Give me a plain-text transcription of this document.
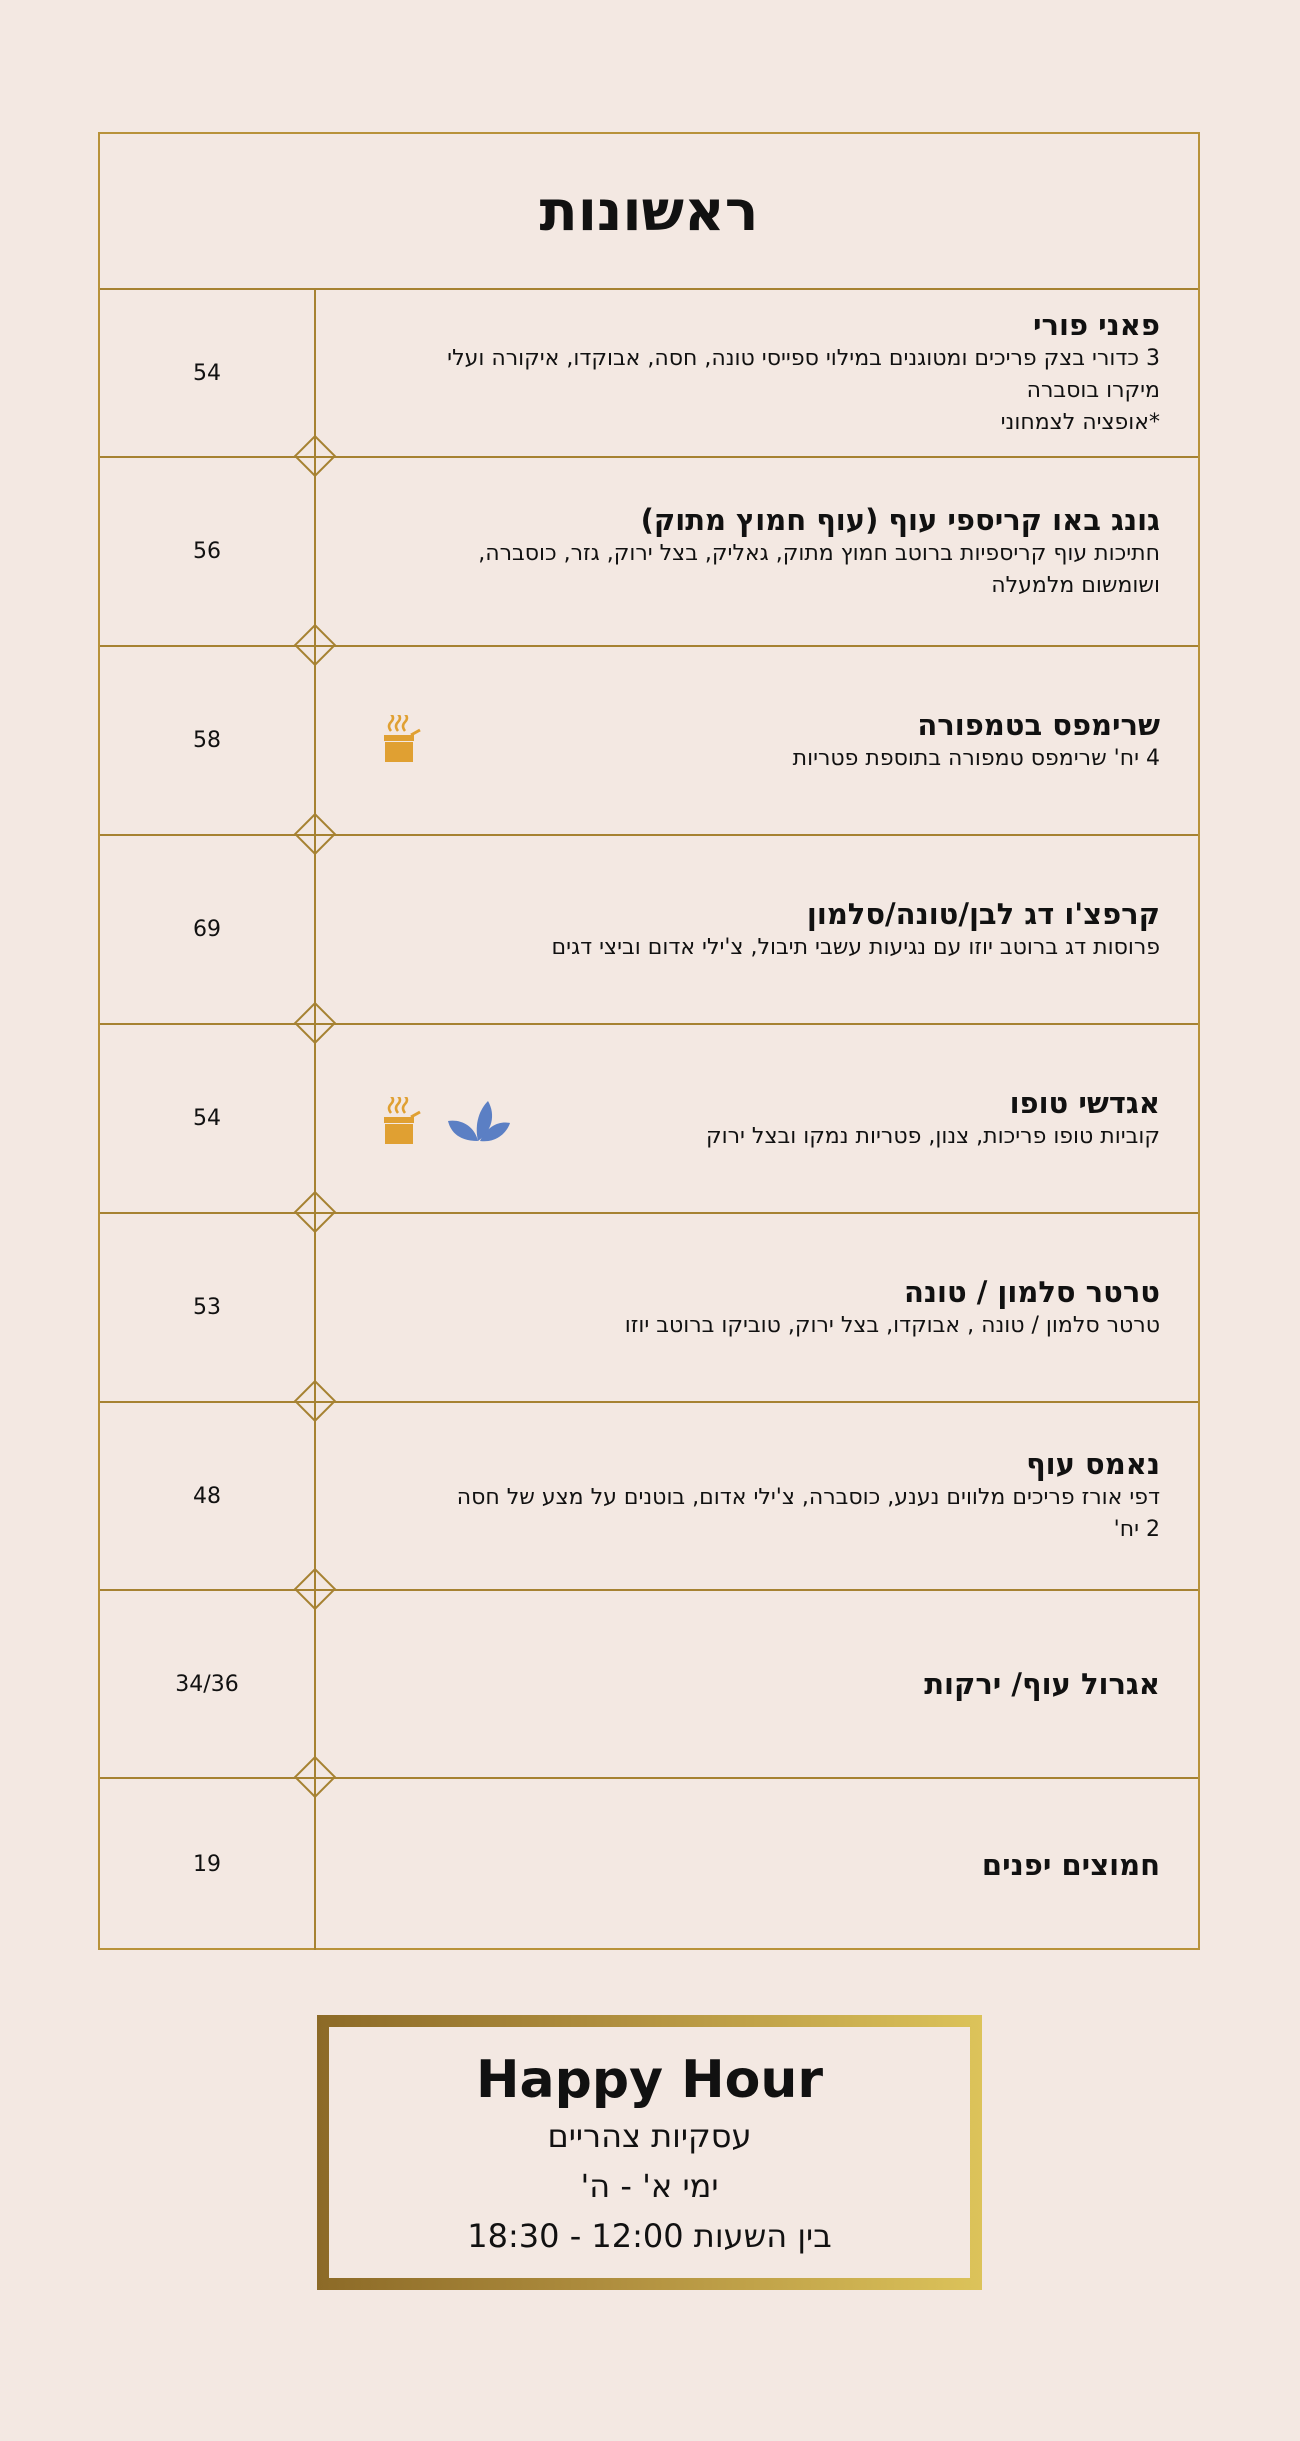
ראשונות
54
פאני פורי
3 כדורי בצק פריכים ומטוגנים במילוי ספייסי טונה, חסה, אבוקדו, איקורה ועלי
מיקרו בוסברה
*אופציה לצמחוני
56
גונג באו קריספי עוף (עוף חמוץ מתוק)
חתיכות עוף קריספיות ברוטב חמוץ מתוק, גאליק, בצל ירוק, גזר, כוסברה,
ושומשום מלמעלה
58	שרימפס בטמפורה
4 יח' שרימפס טמפורה בתוספת פטריות
69	קרפצ'ו דג לבן/טונה/סלמון
פרוסות דג ברוטב יוזו עם נגיעות עשבי תיבול, צ'ילי אדום וביצי דגים
54	אגדשי טופו
קוביות טופו פריכות, צנון, פטריות נמקו ובצל ירוק
53	טרטר סלמון / טונה
טרטר סלמון / טונה , אבוקדו, בצל ירוק, טוביקו ברוטב יוזו
48
נאמס עוף
דפי אורז פריכים מלווים נענע, כוסברה, צ'ילי אדום, בוטנים על מצע של חסה
2 יח'
34/36	אגרול עוף/ ירקות
19	חמוצים יפנים
Happy Hour
עסקיות צהריים
ימי א' - ה'
בין השעות 12:00 - 18:30
